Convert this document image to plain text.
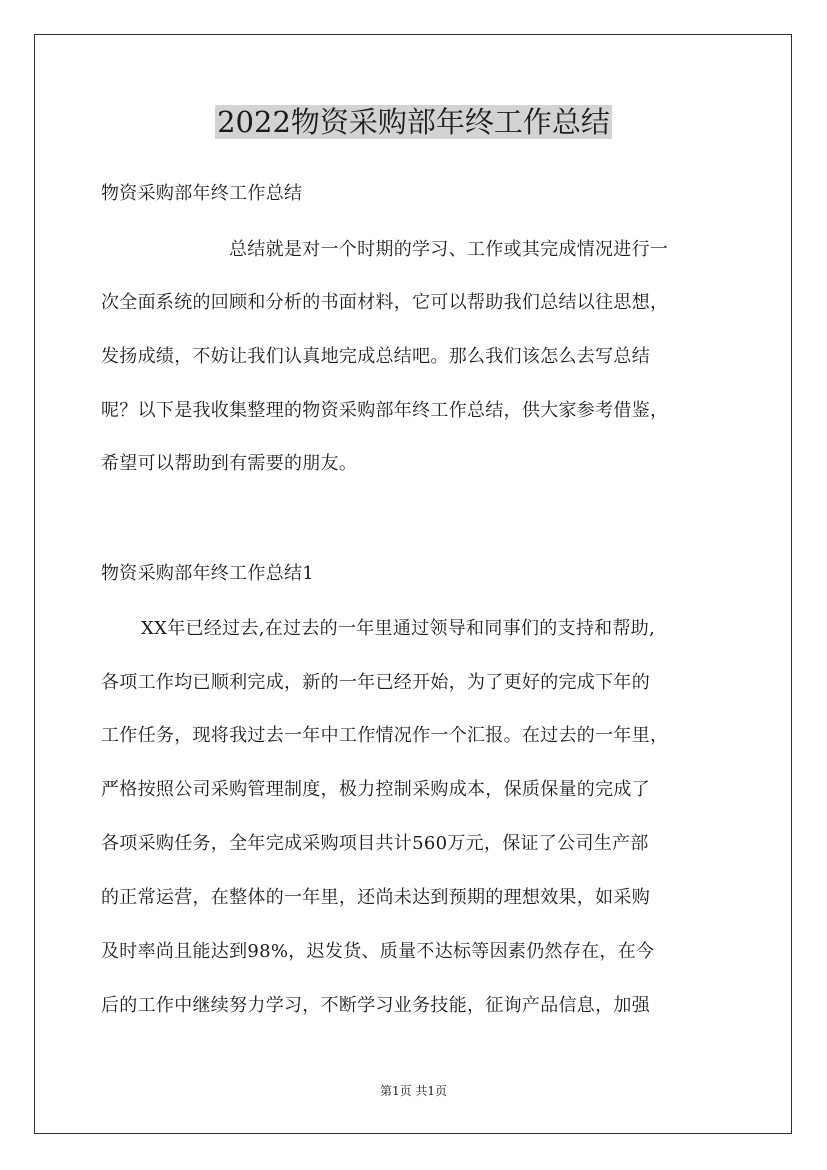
2022物资采购部年终工作总结
物资采购部年终工作总结
总结就是对一个时期的学习、工作或其完成情况进行一
次全面系统的回顾和分析的书面材料，它可以帮助我们总结以往思想，
发扬成绩，不妨让我们认真地完成总结吧。那么我们该怎么去写总结
呢？以下是我收集整理的物资采购部年终工作总结，供大家参考借鉴，
希望可以帮助到有需要的朋友。
物资采购部年终工作总结1
XX年已经过去,在过去的一年里通过领导和同事们的支持和帮助,
各项工作均已顺利完成，新的一年已经开始，为了更好的完成下年的
工作任务，现将我过去一年中工作情况作一个汇报。在过去的一年里，
严格按照公司采购管理制度，极力控制采购成本，保质保量的完成了
各项采购任务，全年完成采购项目共计560万元，保证了公司生产部
的正常运营，在整体的一年里，还尚未达到预期的理想效果，如采购
及时率尚且能达到98%，迟发货、质量不达标等因素仍然存在，在今
后的工作中继续努力学习，不断学习业务技能，征询产品信息，加强
第1页 共1页
